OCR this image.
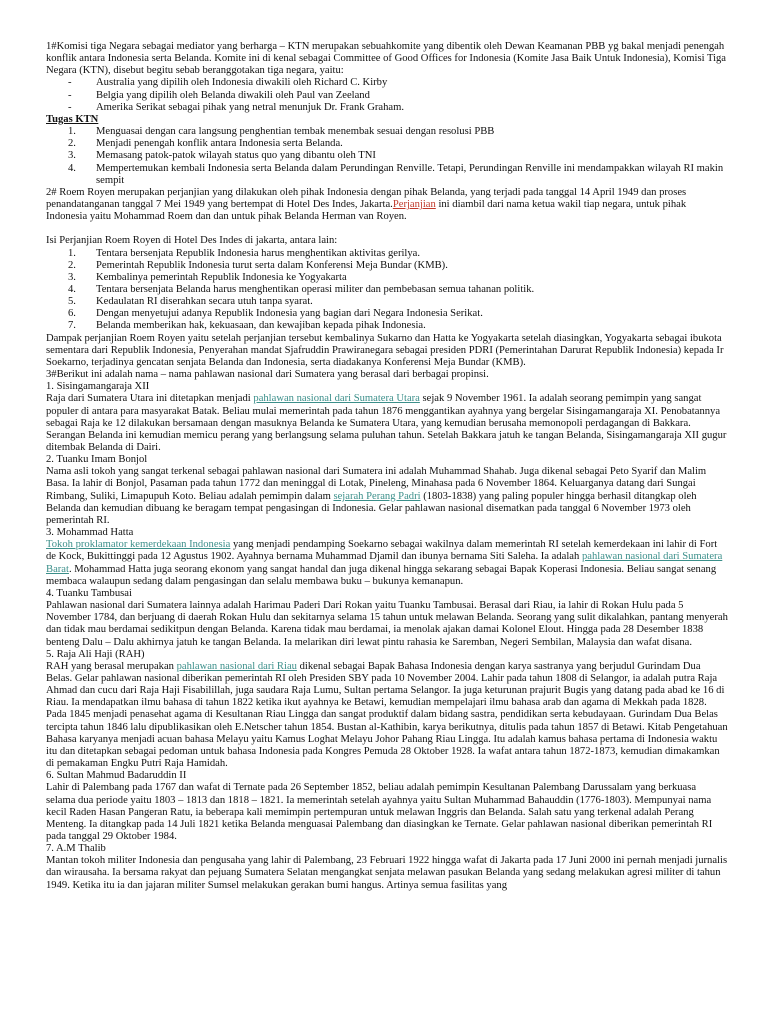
1#Komisi tiga Negara sebagai mediator yang berharga – KTN merupakan sebuahkomite yang dibentik oleh Dewan Keamanan PBB yg bakal menjadi penengah konflik antara Indonesia serta Belanda. Komite ini di kenal sebagai Committee of Good Offices for Indonesia (Komite Jasa Baik Untuk Indonesia), Komisi Tiga Negara (KTN), disebut begitu sebab beranggotakan tiga negara, yaitu:

- Australia yang dipilih oleh Indonesia diwakili oleh Richard C. Kirby
- Belgia yang dipilih oleh Belanda diwakili oleh Paul van Zeeland
- Amerika Serikat sebagai pihak yang netral menunjuk Dr. Frank Graham.

Tugas KTN

1. Menguasai dengan cara langsung penghentian tembak menembak sesuai dengan resolusi PBB
2. Menjadi penengah konflik antara Indonesia serta Belanda.
3. Memasang patok-patok wilayah status quo yang dibantu oleh TNI
4. Mempertemukan kembali Indonesia serta Belanda dalam Perundingan Renville. Tetapi, Perundingan Renville ini mendampakkan wilayah RI makin sempit

2# Roem Royen merupakan perjanjian yang dilakukan oleh pihak Indonesia dengan pihak Belanda, yang terjadi pada tanggal 14 April 1949 dan proses penandatanganan tanggal 7 Mei 1949 yang bertempat di Hotel Des Indes, Jakarta.Perjanjian ini diambil dari nama ketua wakil tiap negara, untuk pihak Indonesia yaitu Mohammad Roem dan dan untuk pihak Belanda Herman van Royen.

Isi Perjanjian Roem Royen di Hotel Des Indes di jakarta, antara lain:

1. Tentara bersenjata Republik Indonesia harus menghentikan aktivitas gerilya.
2. Pemerintah Republik Indonesia turut serta dalam Konferensi Meja Bundar (KMB).
3. Kembalinya pemerintah Republik Indonesia ke Yogyakarta
4. Tentara bersenjata Belanda harus menghentikan operasi militer dan pembebasan semua tahanan politik.
5. Kedaulatan RI diserahkan secara utuh tanpa syarat.
6. Dengan menyetujui adanya Republik Indonesia yang bagian dari Negara Indonesia Serikat.
7. Belanda memberikan hak, kekuasaan, dan kewajiban kepada pihak Indonesia.

Dampak perjanjian Roem Royen yaitu setelah perjanjian tersebut kembalinya Sukarno dan Hatta ke Yogyakarta setelah diasingkan, Yogyakarta sebagai ibukota sementara dari Republik Indonesia, Penyerahan mandat Sjafruddin Prawiranegara sebagai presiden PDRI (Pemerintahan Darurat Republik Indonesia) kepada Ir Soekarno, terjadinya gencatan senjata Belanda dan Indonesia, serta diadakanya Konferensi Meja Bundar (KMB).

3#Berikut ini adalah nama – nama pahlawan nasional dari Sumatera yang berasal dari berbagai propinsi.

1. Sisingamangaraja XII

Raja dari Sumatera Utara ini ditetapkan menjadi pahlawan nasional dari Sumatera Utara sejak 9 November 1961. Ia adalah seorang pemimpin yang sangat populer di antara para masyarakat Batak. Beliau mulai memerintah pada tahun 1876 menggantikan ayahnya yang bergelar Sisingamangaraja XI. Penobatannya sebagai Raja ke 12 dilakukan bersamaan dengan masuknya Belanda ke Sumatera Utara, yang kemudian berusaha memonopoli perdagangan di Bakkara. Serangan Belanda ini kemudian memicu perang yang berlangsung selama puluhan tahun. Setelah Bakkara jatuh ke tangan Belanda, Sisingamangaraja XII gugur ditembak Belanda di Dairi.

2. Tuanku Imam Bonjol

Nama asli tokoh yang sangat terkenal sebagai pahlawan nasional dari Sumatera ini adalah Muhammad Shahab. Juga dikenal sebagai Peto Syarif dan Malim Basa. Ia lahir di Bonjol, Pasaman pada tahun 1772 dan meninggal di Lotak, Pineleng, Minahasa pada 6 November 1864. Keluarganya datang dari Sungai Rimbang, Suliki, Limapupuh Koto. Beliau adalah pemimpin dalam sejarah Perang Padri (1803-1838) yang paling populer hingga berhasil ditangkap oleh Belanda dan kemudian dibuang ke beragam tempat pengasingan di Indonesia. Gelar pahlawan nasional disematkan pada tanggal 6 November 1973 oleh pemerintah RI.

3. Mohammad Hatta

Tokoh proklamator kemerdekaan Indonesia yang menjadi pendamping Soekarno sebagai wakilnya dalam memerintah RI setelah kemerdekaan ini lahir di Fort de Kock, Bukittinggi pada 12 Agustus 1902. Ayahnya bernama Muhammad Djamil dan ibunya bernama Siti Saleha. Ia adalah pahlawan nasional dari Sumatera Barat. Mohammad Hatta juga seorang ekonom yang sangat handal dan juga dikenal hingga sekarang sebagai Bapak Koperasi Indonesia. Beliau sangat senang membaca walaupun sedang dalam pengasingan dan selalu membawa buku – bukunya kemanapun.

4. Tuanku Tambusai

Pahlawan nasional dari Sumatera lainnya adalah Harimau Paderi Dari Rokan yaitu Tuanku Tambusai. Berasal dari Riau, ia lahir di Rokan Hulu pada 5 November 1784, dan berjuang di daerah Rokan Hulu dan sekitarnya selama 15 tahun untuk melawan Belanda. Seorang yang sulit dikalahkan, pantang menyerah dan tidak mau berdamai sedikitpun dengan Belanda. Karena tidak mau berdamai, ia menolak ajakan damai Kolonel Elout. Hingga pada 28 Desember 1838 benteng Dalu – Dalu akhirnya jatuh ke tangan Belanda. Ia melarikan diri lewat pintu rahasia ke Saremban, Negeri Sembilan, Malaysia dan wafat disana.

5. Raja Ali Haji (RAH)

RAH yang berasal merupakan pahlawan nasional dari Riau dikenal sebagai Bapak Bahasa Indonesia dengan karya sastranya yang berjudul Gurindam Dua Belas. Gelar pahlawan nasional diberikan pemerintah RI oleh Presiden SBY pada 10 November 2004. Lahir pada tahun 1808 di Selangor, ia adalah putra Raja Ahmad dan cucu dari Raja Haji Fisabilillah, juga saudara Raja Lumu, Sultan pertama Selangor. Ia juga keturunan prajurit Bugis yang datang pada abad ke 16 di Riau. Ia mendapatkan ilmu bahasa di tahun 1822 ketika ikut ayahnya ke Betawi, kemudian mempelajari ilmu bahasa arab dan agama di Mekkah pada 1828.

Pada 1845 menjadi penasehat agama di Kesultanan Riau Lingga dan sangat produktif dalam bidang sastra, pendidikan serta kebudayaan. Gurindam Dua Belas tercipta tahun 1846 lalu dipublikasikan oleh E.Netscher tahun 1854. Bustan al-Kathibin, karya berikutnya, ditulis pada tahun 1857 di Betawi. Kitab Pengetahuan Bahasa karyanya menjadi acuan bahasa Melayu yaitu Kamus Loghat Melayu Johor Pahang Riau Lingga. Itu adalah kamus bahasa pertama di Indonesia waktu itu dan ditetapkan sebagai pedoman untuk bahasa Indonesia pada Kongres Pemuda 28 Oktober 1928. Ia wafat antara tahun 1872-1873, kemudian dimakamkan di pemakaman Engku Putri Raja Hamidah.

6. Sultan Mahmud Badaruddin II

Lahir di Palembang pada 1767 dan wafat di Ternate pada 26 September 1852, beliau adalah pemimpin Kesultanan Palembang Darussalam yang berkuasa selama dua periode yaitu 1803 – 1813 dan 1818 – 1821. Ia memerintah setelah ayahnya yaitu Sultan Muhammad Bahauddin (1776-1803). Mempunyai nama kecil Raden Hasan Pangeran Ratu, ia beberapa kali memimpin pertempuran untuk melawan Inggris dan Belanda. Salah satu yang terkenal adalah Perang Menteng. Ia ditangkap pada 14 Juli 1821 ketika Belanda menguasai Palembang dan diasingkan ke Ternate. Gelar pahlawan nasional diberikan pemerintah RI pada tanggal 29 Oktober 1984.

7. A.M Thalib

Mantan tokoh militer Indonesia dan pengusaha yang lahir di Palembang, 23 Februari 1922 hingga wafat di Jakarta pada 17 Juni 2000 ini pernah menjadi jurnalis dan wirausaha. Ia bersama rakyat dan pejuang Sumatera Selatan mengangkat senjata melawan pasukan Belanda yang sedang melakukan agresi militer di tahun 1949. Ketika itu ia dan jajaran militer Sumsel melakukan gerakan bumi hangus. Artinya semua fasilitas yang
